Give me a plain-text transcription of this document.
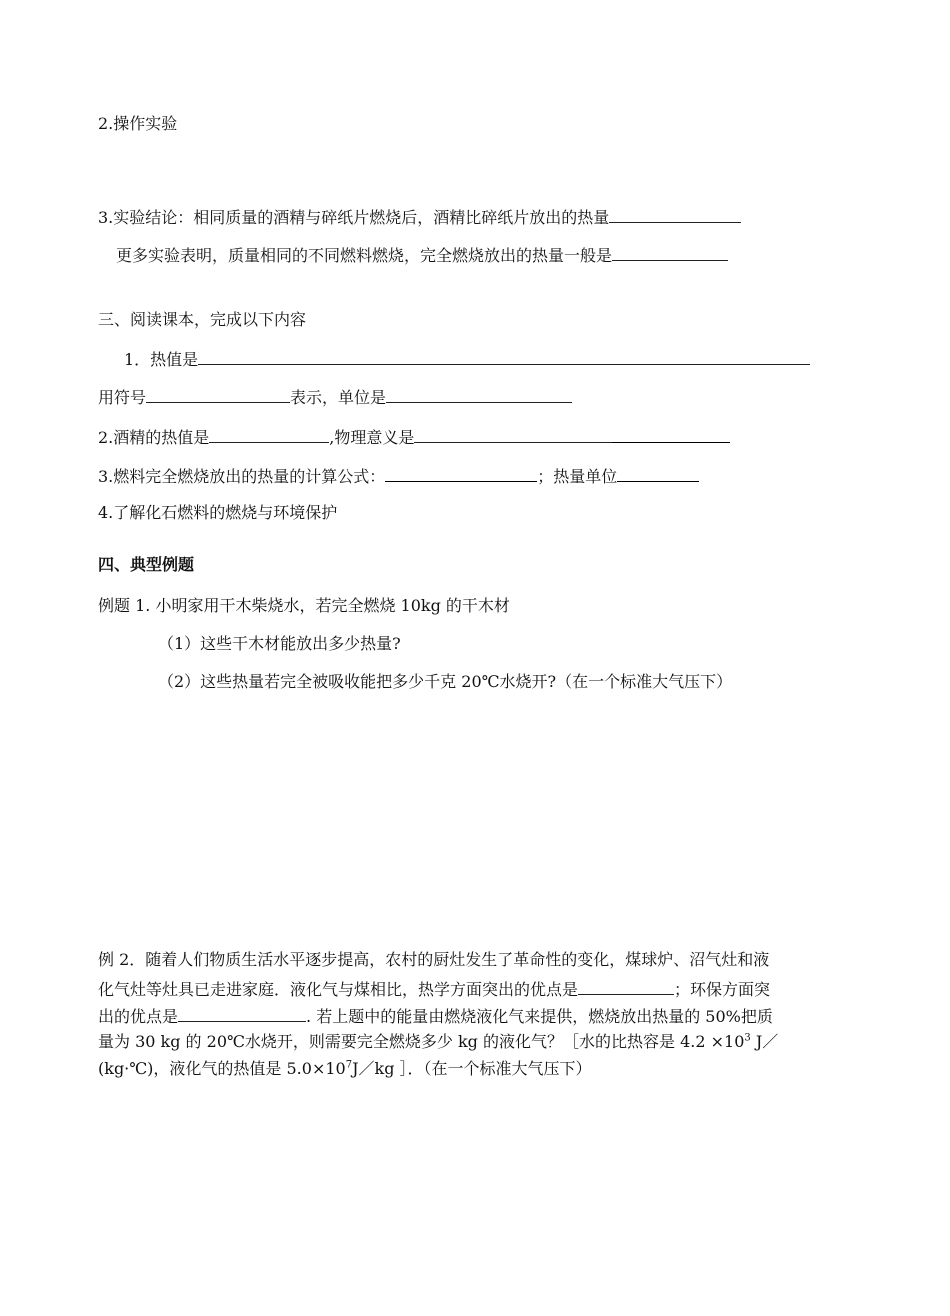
2.操作实验
3.实验结论：相同质量的酒精与碎纸片燃烧后，酒精比碎纸片放出的热量
更多实验表明，质量相同的不同燃料燃烧，完全燃烧放出的热量一般是
三、阅读课本，完成以下内容
1．热值是
用符号	表示，单位是
2.酒精的热值是	,物理意义是
3.燃料完全燃烧放出的热量的计算公式：	；热量单位
4.了解化石燃料的燃烧与环境保护
四、典型例题
例题 1. 小明家用干木柴烧水，若完全燃烧 10kg 的干木材
（1）这些干木材能放出多少热量?
（2）这些热量若完全被吸收能把多少千克 20℃水烧开?（在一个标准大气压下）
例 2．随着人们物质生活水平逐步提高，农村的厨灶发生了革命性的变化，煤球炉、沼气灶和液
化气灶等灶具已走进家庭．液化气与煤相比，热学方面突出的优点是	；环保方面突
出的优点是	. 若上题中的能量由燃烧液化气来提供，燃烧放出热量的 50%把质
量为 30 kg 的 20℃水烧开，则需要完全燃烧多少 kg 的液化气？［水的比热容是 $4.2 \times 10^3$ J／
(kg·℃)，液化气的热值是 $5.0\times 10^7J/kg$ ］．（在一个标准大气压下）
